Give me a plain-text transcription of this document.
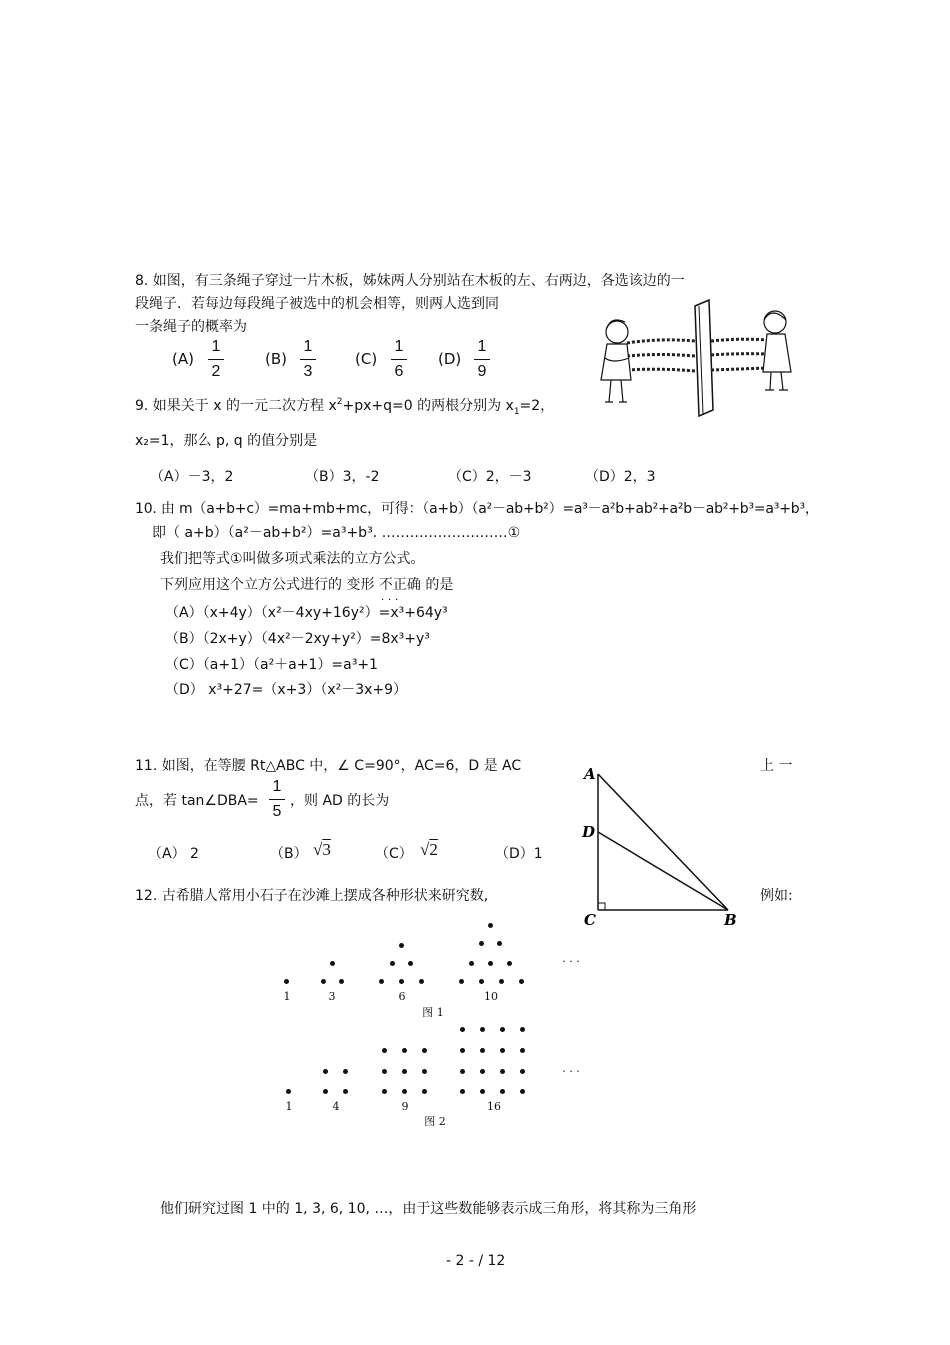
8. 如图，有三条绳子穿过一片木板，姊妹两人分别站在木板的左、右两边，各选该边的一
段绳子．若每边每段绳子被选中的机会相等，则两人选到同
一条绳子的概率为
(A)
1
2
(B)
1
3
(C)
1
6
(D)
1
9
9. 如果关于 x 的一元二次方程 $x^2+px+q=0$ 的两根分别为 $x_1=2$，
x₂=1，那么 p, q 的值分别是
（A）－3，2	（B）3，-2	（C）2，－3	（D）2，3
10. 由 m（a+b+c）=ma+mb+mc，可得：（a+b）（a²－ab+b²）=a³－a²b+ab²+a²b－ab²+b³=a³+b³，
即（ a+b）（a²－ab+b²）=a³+b³. ………………………①
我们把等式①叫做多项式乘法的立方公式。
下列应用这个立方公式进行的 变形 不正确 · · · 的是
（A）（x+4y）（x²－4xy+16y²）=x³+64y³
（B）（2x+y）（4x²－2xy+y²）=8x³+y³
（C）（a+1）（a²＋a+1）=a³+1
（D） x³+27=（x+3）（x²－3x+9）
11. 如图，在等腰 Rt△ABC 中，∠ C=90°，AC=6，D 是 AC	上 一
点，若 tan∠DBA=
1
5
，则 AD 的长为
（A） 2	（B） √3	（C） √2	（D）1
A
D
C	B
12. 古希腊人常用小石子在沙滩上摆成各种形状来研究数,	例如:
· · ·
1	3	6	10
图 1
· · ·
1	4	9	16
图 2
他们研究过图 1 中的 1, 3, 6, 10, …，由于这些数能够表示成三角形，将其称为三角形
- 2 - / 12
